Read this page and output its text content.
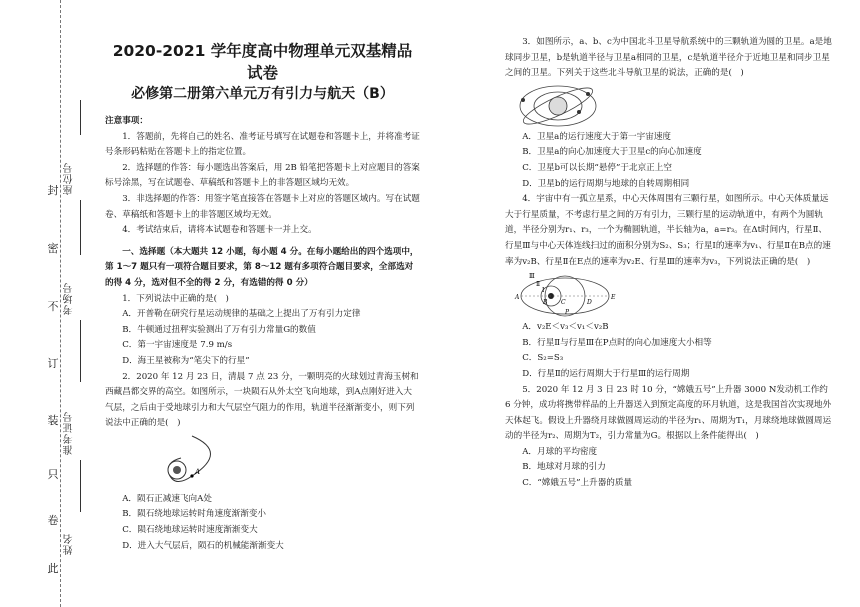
封
密
不
订
装
只
卷
此
座位号
考场号
准考证号
姓名
2020-2021 学年度高中物理单元双基精品试卷
必修第二册第六单元万有引力与航天（B）

注意事项：

1．答题前，先将自己的姓名、准考证号填写在试题卷和答题卡上，并将准考证号条形码粘贴在答题卡上的指定位置。

2．选择题的作答：每小题选出答案后，用 2B 铅笔把答题卡上对应题目的答案标号涂黑，写在试题卷、草稿纸和答题卡上的非答题区域均无效。

3．非选择题的作答：用签字笔直接答在答题卡上对应的答题区域内。写在试题卷、草稿纸和答题卡上的非答题区域均无效。

4．考试结束后，请将本试题卷和答题卡一并上交。

一、选择题（本大题共 12 小题，每小题 4 分。在每小题给出的四个选项中，第 1～7 题只有一项符合题目要求，第 8～12 题有多项符合题目要求，全部选对的得 4 分，选对但不全的得 2 分，有选错的得 0 分）

1．下列说法中正确的是(　)

A．开普勒在研究行星运动规律的基础之上提出了万有引力定律

B．牛顿通过扭秤实验测出了万有引力常量G的数值

C．第一宇宙速度是 7.9 m/s

D．海王星被称为“笔尖下的行星”

2．2020 年 12 月 23 日，清晨 7 点 23 分，一颗明亮的火球划过青海玉树和西藏昌都交界的高空。如图所示，一块陨石从外太空飞向地球，到A点刚好进入大气层，之后由于受地球引力和大气层空气阻力的作用，轨道半径渐渐变小，则下列说法中正确的是(　)

A

A．陨石正减速飞向A处

B．陨石绕地球运转时角速度渐渐变小

C．陨石绕地球运转时速度渐渐变大

D．进入大气层后，陨石的机械能渐渐变大

3．如图所示，a、b、c为中国北斗卫星导航系统中的三颗轨道为圆的卫星。a是地球同步卫星，b是轨道半径与卫星a相同的卫星，c是轨道半径介于近地卫星和同步卫星之间的卫星。下列关于这些北斗导航卫星的说法，正确的是(　)

A．卫星a的运行速度大于第一宇宙速度

B．卫星a的向心加速度大于卫星c的向心加速度

C．卫星b可以长期“悬停”于北京正上空

D．卫星b的运行周期与地球的自转周期相同

4．宇宙中有一孤立星系，中心天体周围有三颗行星，如图所示。中心天体质量远大于行星质量，不考虑行星之间的万有引力，三颗行星的运动轨道中，有两个为圆轨道，半径分别为r₁、r₃，一个为椭圆轨道，半长轴为a，a=r₃。在Δt时间内，行星Ⅱ、行星Ⅲ与中心天体连线扫过的面积分别为S₂、S₃；行星Ⅰ的速率为v₁、行星Ⅱ在B点的速率为v₂B、行星Ⅱ在E点的速率为v₂E、行星Ⅲ的速率为v₃，下列说法正确的是(　)

Ⅲ
Ⅱ
Ⅰ
A
B C	D
E
P

A．v₂E＜v₃＜v₁＜v₂B

B．行星Ⅱ与行星Ⅲ在P点时的向心加速度大小相等

C．S₂=S₃

D．行星Ⅱ的运行周期大于行星Ⅲ的运行周期

5．2020 年 12 月 3 日 23 时 10 分，“嫦娥五号”上升器 3000 N发动机工作约 6 分钟，成功将携带样品的上升器送入到预定高度的环月轨道，这是我国首次实现地外天体起飞。假设上升器绕月球做圆周运动的半径为r₁、周期为T₁，月球绕地球做圆周运动的半径为r₂、周期为T₂，引力常量为G。根据以上条件能得出(　)

A．月球的平均密度

B．地球对月球的引力

C．“嫦娥五号”上升器的质量
